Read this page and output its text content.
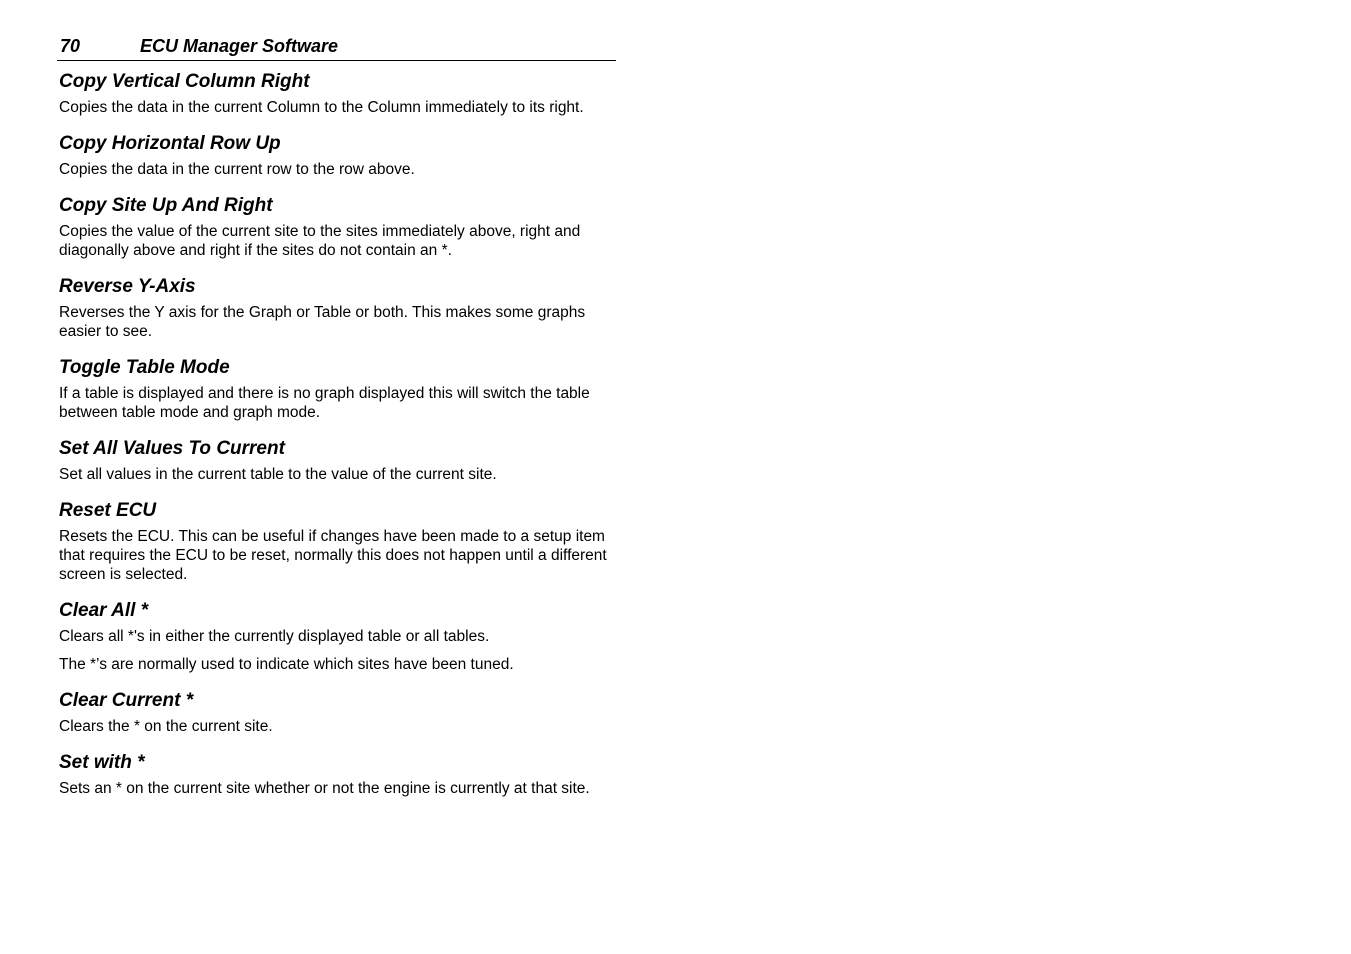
70	ECU Manager Software
Copy Vertical Column Right

Copies the data in the current Column to the Column immediately to its right.

Copy Horizontal Row Up

Copies the data in the current row to the row above.

Copy Site Up And Right

Copies the value of the current site to the sites immediately above, right and diagonally above and right if the sites do not contain an *.

Reverse Y-Axis

Reverses the Y axis for the Graph or Table or both. This makes some graphs easier to see.

Toggle Table Mode

If a table is displayed and there is no graph displayed this will switch the table between table mode and graph mode.

Set All Values To Current

Set all values in the current table to the value of the current site.

Reset ECU

Resets the ECU. This can be useful if changes have been made to a setup item that requires the ECU to be reset, normally this does not happen until a different screen is selected.

Clear All *

Clears all *'s in either the currently displayed table or all tables.

The *’s are normally used to indicate which sites have been tuned.

Clear Current *

Clears the * on the current site.

Set with *

Sets an * on the current site whether or not the engine is currently at that site.
